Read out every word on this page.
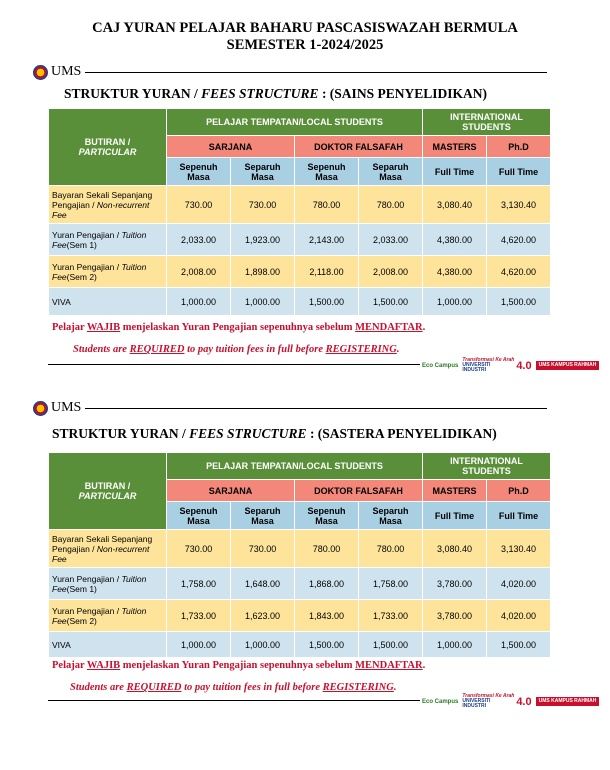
CAJ YURAN PELAJAR BAHARU PASCASISWAZAH BERMULA
SEMESTER 1-2024/2025
UMS
STRUKTUR YURAN / FEES STRUCTURE : (SAINS PENYELIDIKAN)
BUTIRAN /
PARTICULAR	PELAJAR TEMPATAN/LOCAL STUDENTS				INTERNATIONAL STUDENTS	
	SARJANA		DOKTOR FALSAFAH		MASTERS	Ph.D
	Sepenuh Masa	Separuh Masa	Sepenuh Masa	Separuh Masa	Full Time	Full Time
Bayaran Sekali Sepanjang Pengajian / Non-recurrent Fee	730.00	730.00	780.00	780.00	3,080.40	3,130.40
Yuran Pengajian / Tuition Fee(Sem 1)	2,033.00	1,923.00	2,143.00	2,033.00	4,380.00	4,620.00
Yuran Pengajian / Tuition Fee(Sem 2)	2,008.00	1,898.00	2,118.00	2,008.00	4,380.00	4,620.00
VIVA	1,000.00	1,000.00	1,500.00	1,500.00	1,000.00	1,500.00
Pelajar WAJIB menjelaskan Yuran Pengajian sepenuhnya sebelum MENDAFTAR.
Students are REQUIRED to pay tuition fees in full before REGISTERING.
Eco Campus
Transformasi Ke Arah
UNIVERSITI
INDUSTRI	4.0	UMS KAMPUS RAHMAH
UMS
STRUKTUR YURAN / FEES STRUCTURE : (SASTERA PENYELIDIKAN)
BUTIRAN /
PARTICULAR	PELAJAR TEMPATAN/LOCAL STUDENTS				INTERNATIONAL STUDENTS	
	SARJANA		DOKTOR FALSAFAH		MASTERS	Ph.D
	Sepenuh Masa	Separuh Masa	Sepenuh Masa	Separuh Masa	Full Time	Full Time
Bayaran Sekali Sepanjang Pengajian / Non-recurrent Fee	730.00	730.00	780.00	780.00	3,080.40	3,130.40
Yuran Pengajian / Tuition Fee(Sem 1)	1,758.00	1,648.00	1,868.00	1,758.00	3,780.00	4,020.00
Yuran Pengajian / Tuition Fee(Sem 2)	1,733.00	1,623.00	1,843.00	1,733.00	3,780.00	4,020.00
VIVA	1,000.00	1,000.00	1,500.00	1,500.00	1,000.00	1,500.00
Pelajar WAJIB menjelaskan Yuran Pengajian sepenuhnya sebelum MENDAFTAR.
Students are REQUIRED to pay tuition fees in full before REGISTERING.
Eco Campus
Transformasi Ke Arah
UNIVERSITI
INDUSTRI	4.0	UMS KAMPUS RAHMAH
